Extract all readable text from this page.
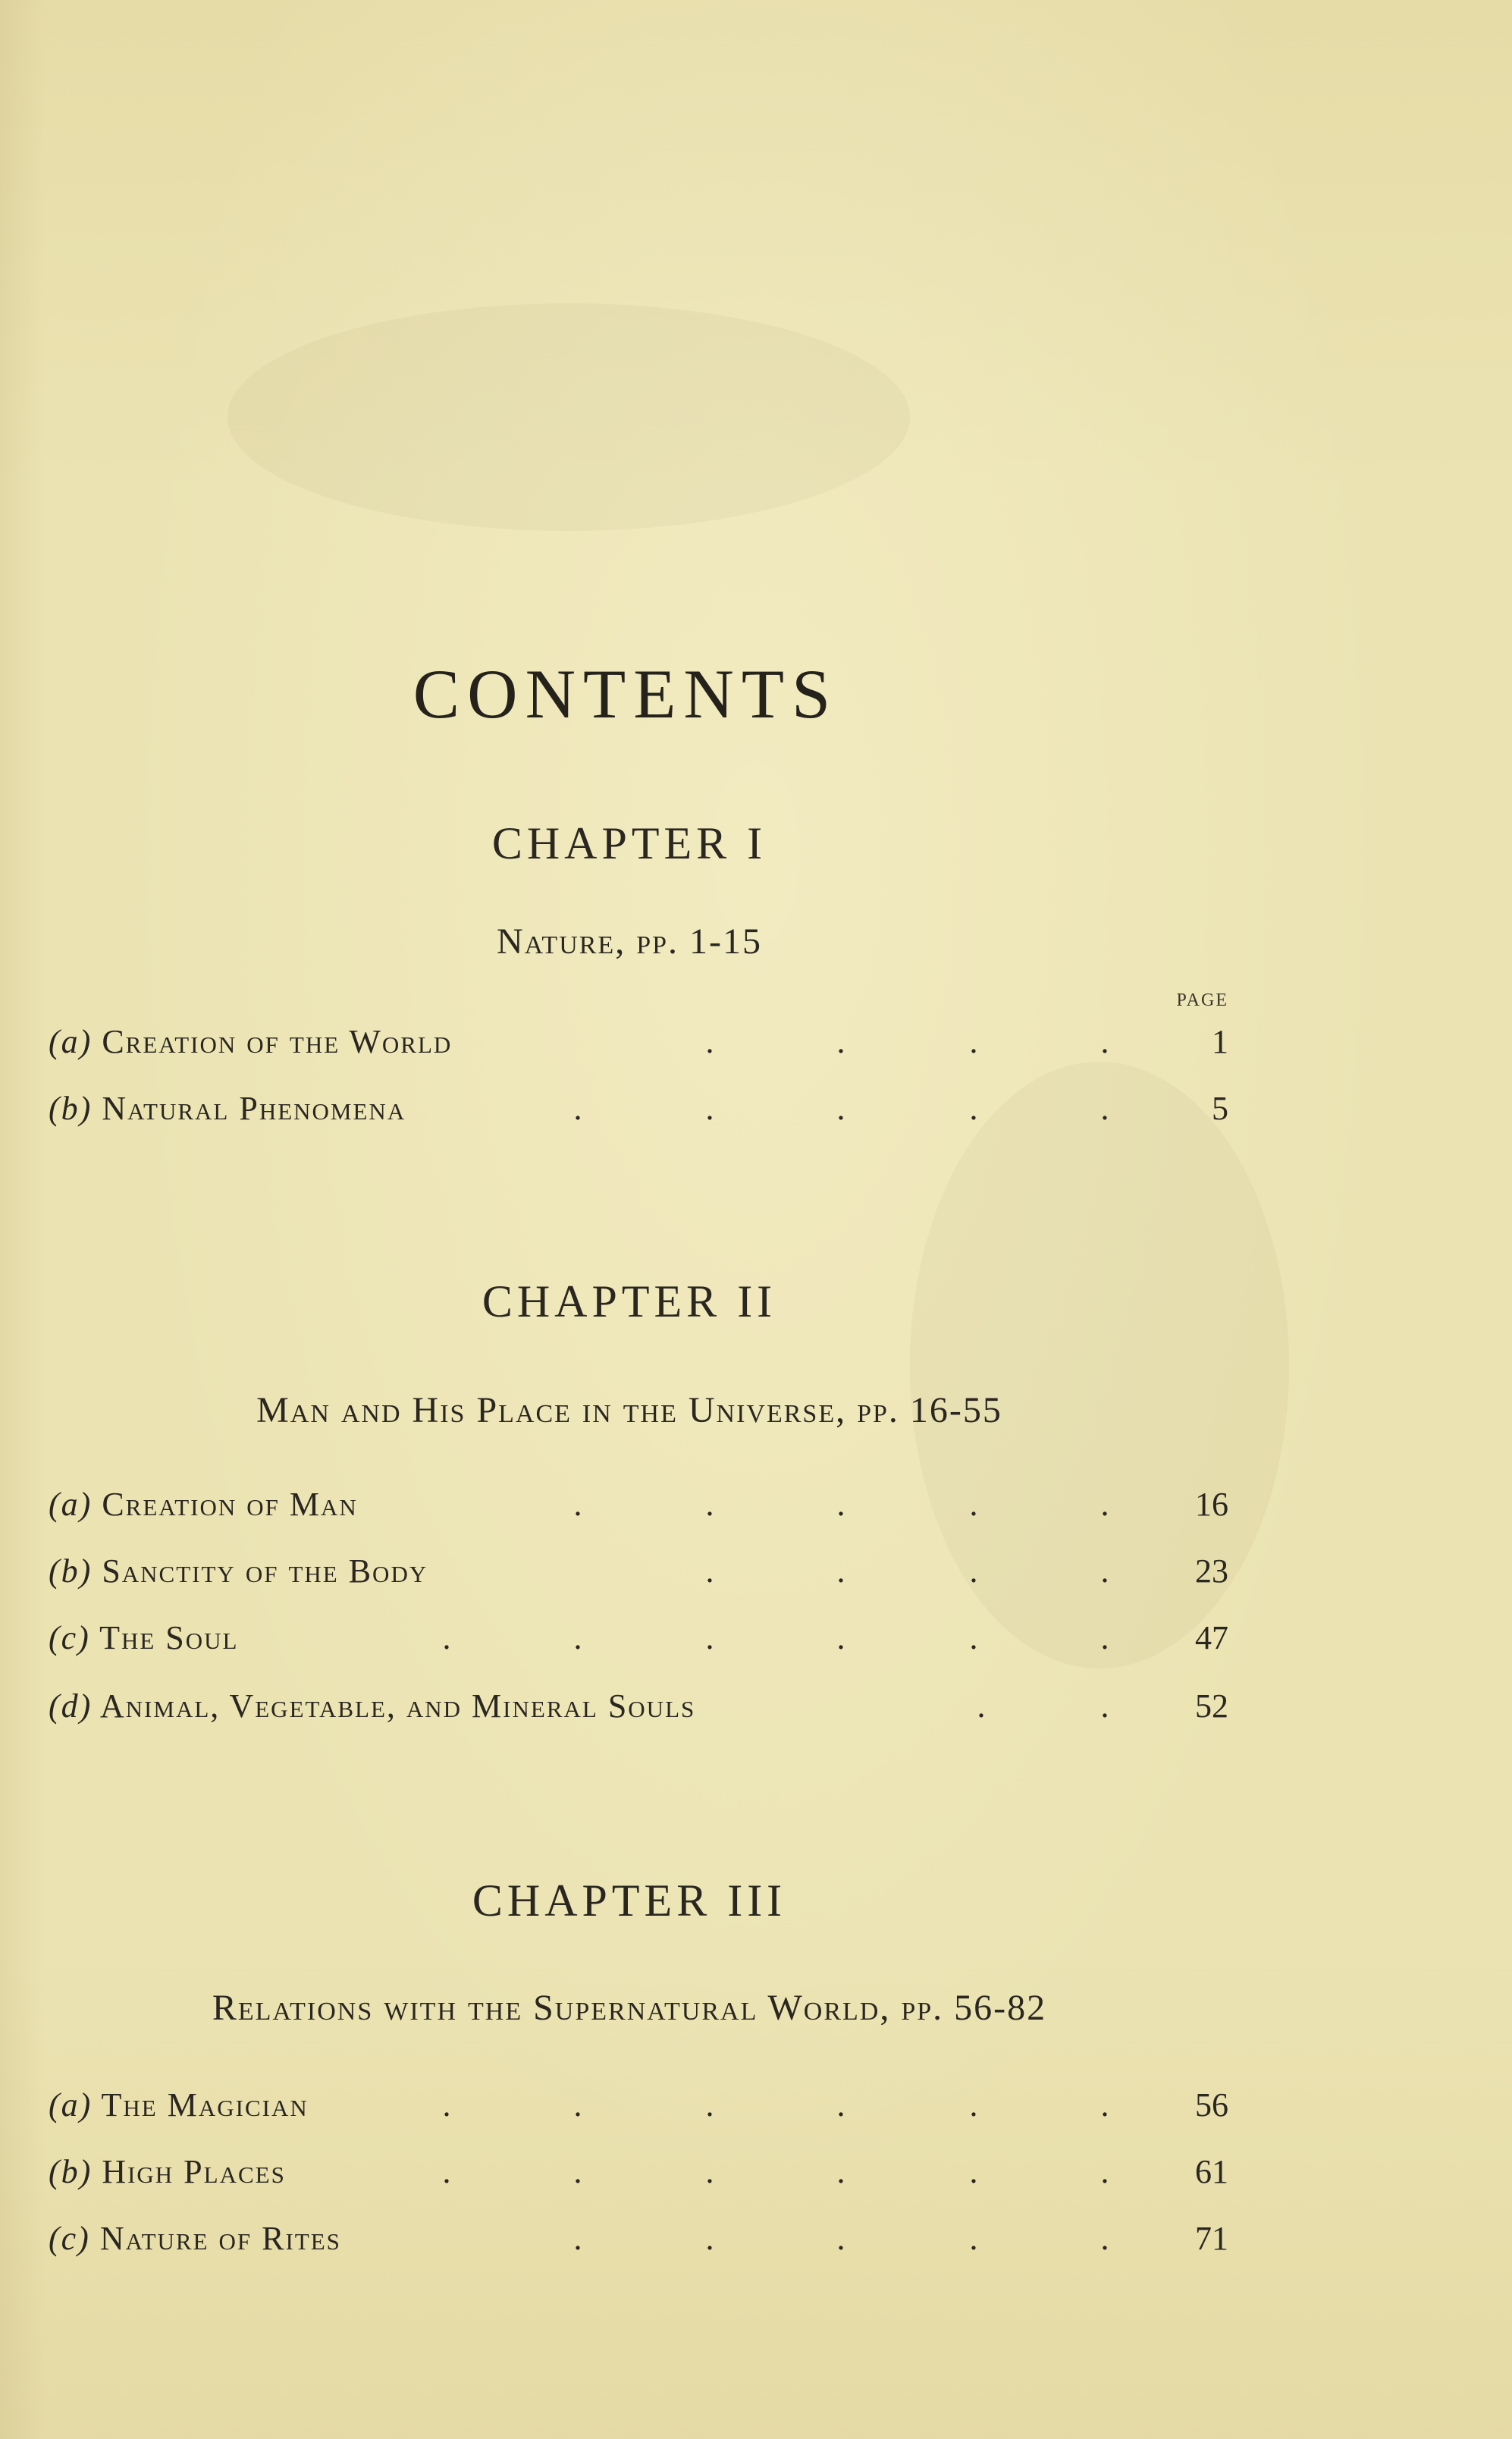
CONTENTS
CHAPTER I
Nature, pp. 1-15
PAGE
(a) Creation of the World	.	.	.	.	1
(b) Natural Phenomena	.	.	.	.	.	5
CHAPTER II
Man and His Place in the Universe, pp. 16-55
(a) Creation of Man	.	.	.	.	.	16
(b) Sanctity of the Body	.	.	.	.	23
(c) The Soul	.	.	.	.	.	.	47
(d) Animal, Vegetable, and Mineral Souls	.	.	52
CHAPTER III
Relations with the Supernatural World, pp. 56-82
(a) The Magician	.	.	.	.	.	.	56
(b) High Places	.	.	.	.	.	.	61
(c) Nature of Rites	.	.	.	.	.	71
